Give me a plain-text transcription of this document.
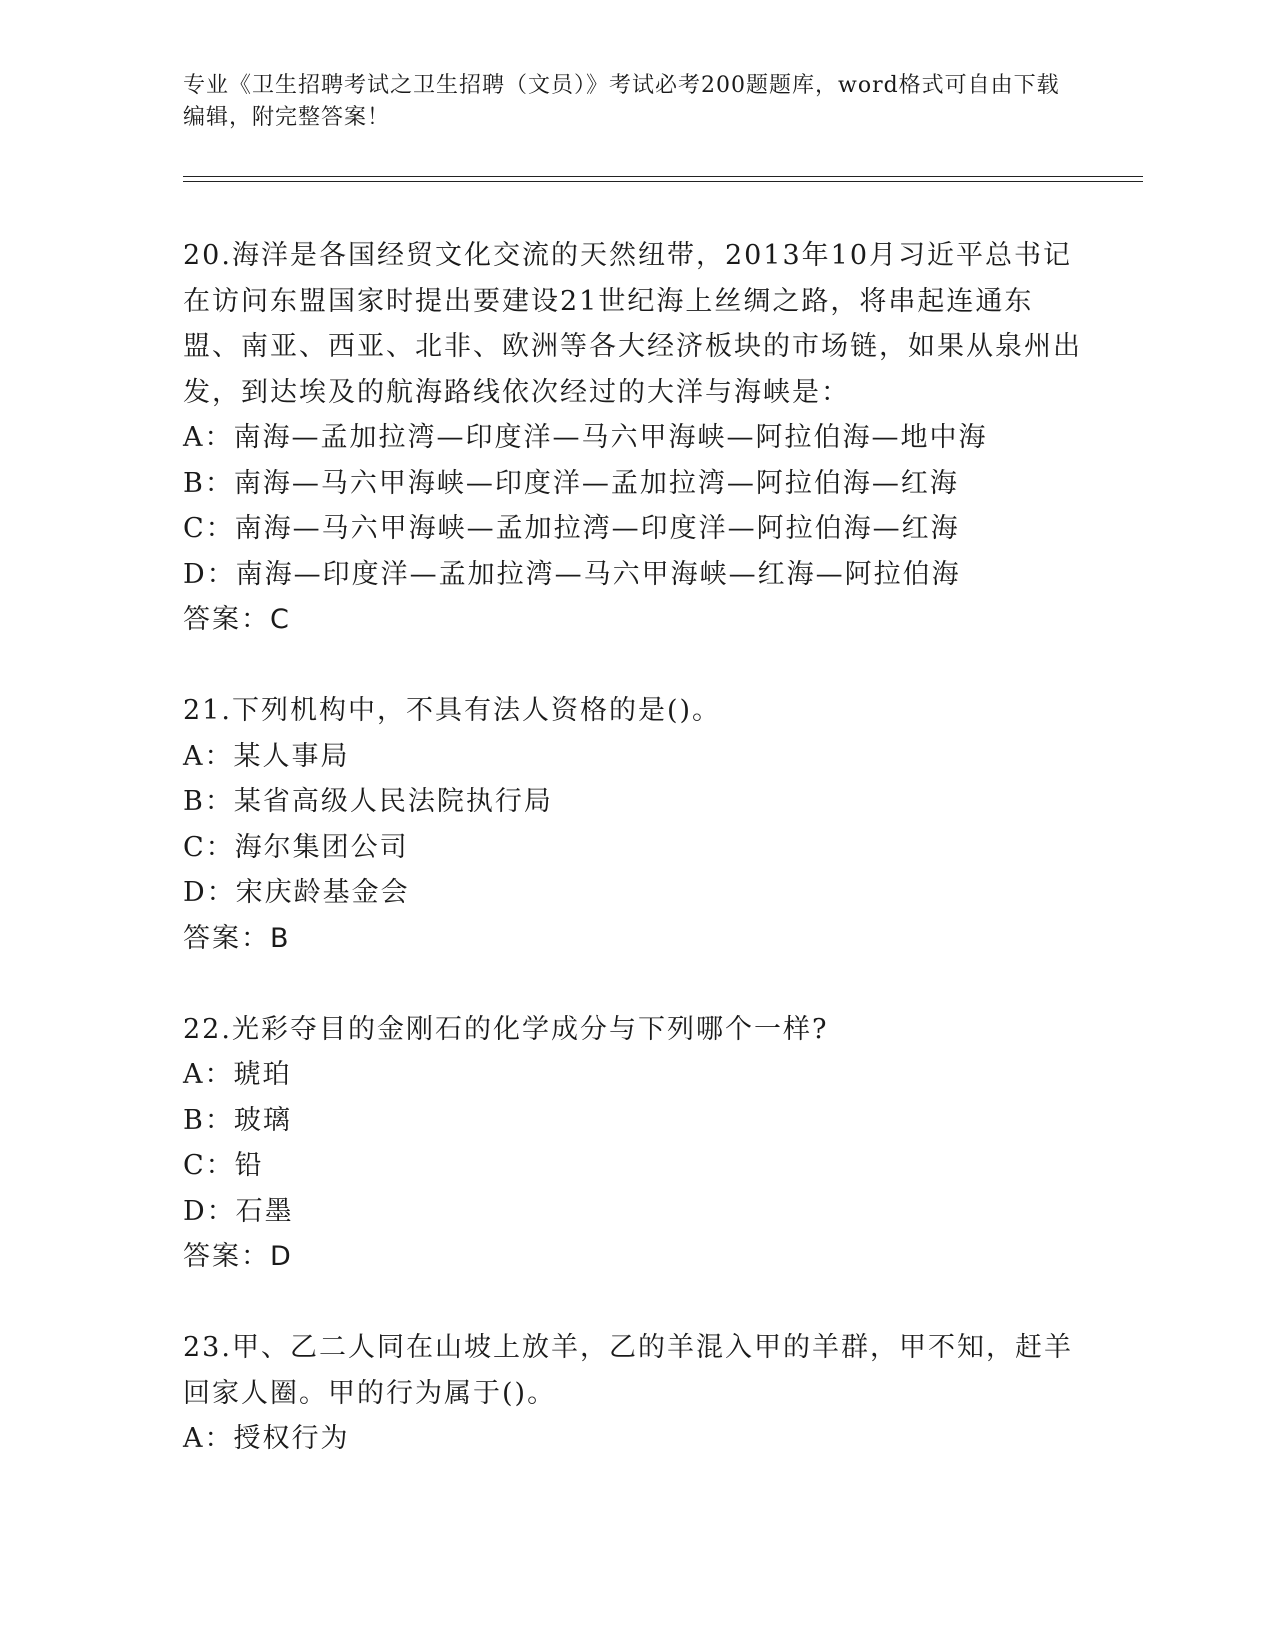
专业《卫生招聘考试之卫生招聘（文员）》考试必考200题题库，word格式可自由下载编辑，附完整答案！

20.海洋是各国经贸文化交流的天然纽带，2013年10月习近平总书记在访问东盟国家时提出要建设21世纪海上丝绸之路，将串起连通东盟、南亚、西亚、北非、欧洲等各大经济板块的市场链，如果从泉州出发，到达埃及的航海路线依次经过的大洋与海峡是：

A：南海—孟加拉湾—印度洋—马六甲海峡—阿拉伯海—地中海

B：南海—马六甲海峡—印度洋—孟加拉湾—阿拉伯海—红海

C：南海—马六甲海峡—孟加拉湾—印度洋—阿拉伯海—红海

D：南海—印度洋—孟加拉湾—马六甲海峡—红海—阿拉伯海

答案：C

21.下列机构中，不具有法人资格的是()。

A：某人事局

B：某省高级人民法院执行局

C：海尔集团公司

D：宋庆龄基金会

答案：B

22.光彩夺目的金刚石的化学成分与下列哪个一样?

A：琥珀

B：玻璃

C：铅

D：石墨

答案：D

23.甲、乙二人同在山坡上放羊，乙的羊混入甲的羊群，甲不知，赶羊回家人圈。甲的行为属于()。

A：授权行为
